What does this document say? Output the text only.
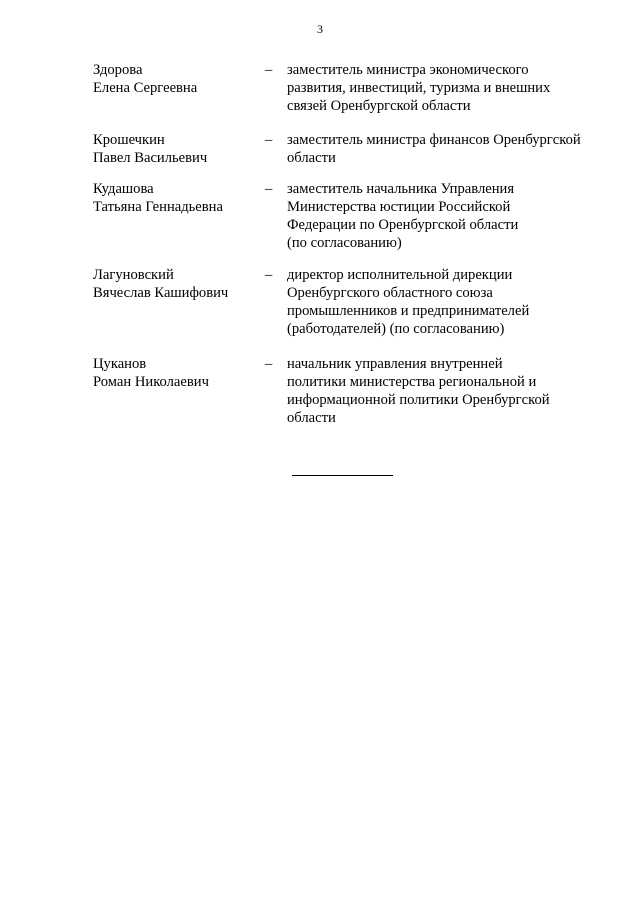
3
Здорова
Елена Сергеевна
–	заместитель министра экономического
развития, инвестиций, туризма и внешних
связей Оренбургской области
Крошечкин
Павел Васильевич
–	заместитель министра финансов Оренбургской
области
Кудашова
Татьяна Геннадьевна
–	заместитель начальника Управления
Министерства юстиции Российской
Федерации по Оренбургской области
(по согласованию)
Лагуновский
Вячеслав Кашифович
–	директор исполнительной дирекции
Оренбургского областного союза
промышленников и предпринимателей
(работодателей) (по согласованию)
Цуканов
Роман Николаевич
–	начальник управления внутренней
политики министерства региональной и
информационной политики Оренбургской
области
